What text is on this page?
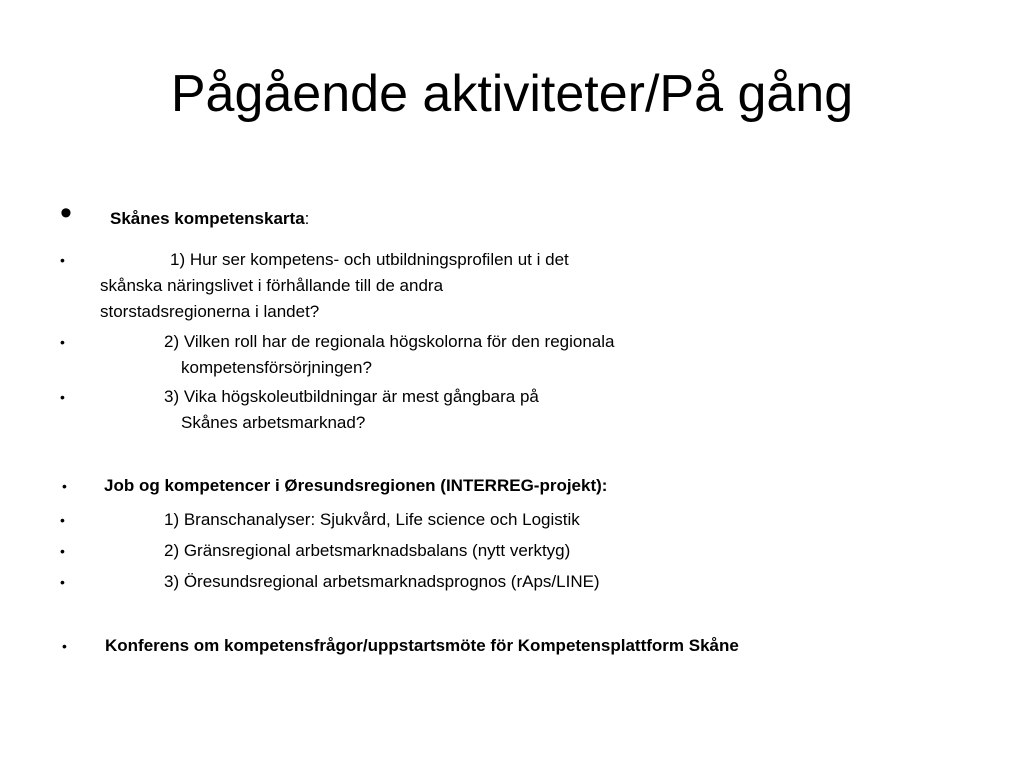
Pågående aktiviteter/På gång
• Skånes kompetenskarta:
•	1) Hur ser kompetens- och utbildningsprofilen ut i det
skånska näringslivet i förhållande till de andra
storstadsregionerna i landet?
•	2) Vilken roll har de regionala högskolorna för den regionala
kompetensförsörjningen?
•	3) Vika högskoleutbildningar är mest gångbara på
Skånes arbetsmarknad?
• Job og kompetencer i Øresundsregionen (INTERREG-projekt):
•	1) Branschanalyser: Sjukvård, Life science och Logistik
•	2) Gränsregional arbetsmarknadsbalans (nytt verktyg)
•	3) Öresundsregional arbetsmarknadsprognos (rAps/LINE)
• Konferens om kompetensfrågor/uppstartsmöte för Kompetensplattform Skåne
